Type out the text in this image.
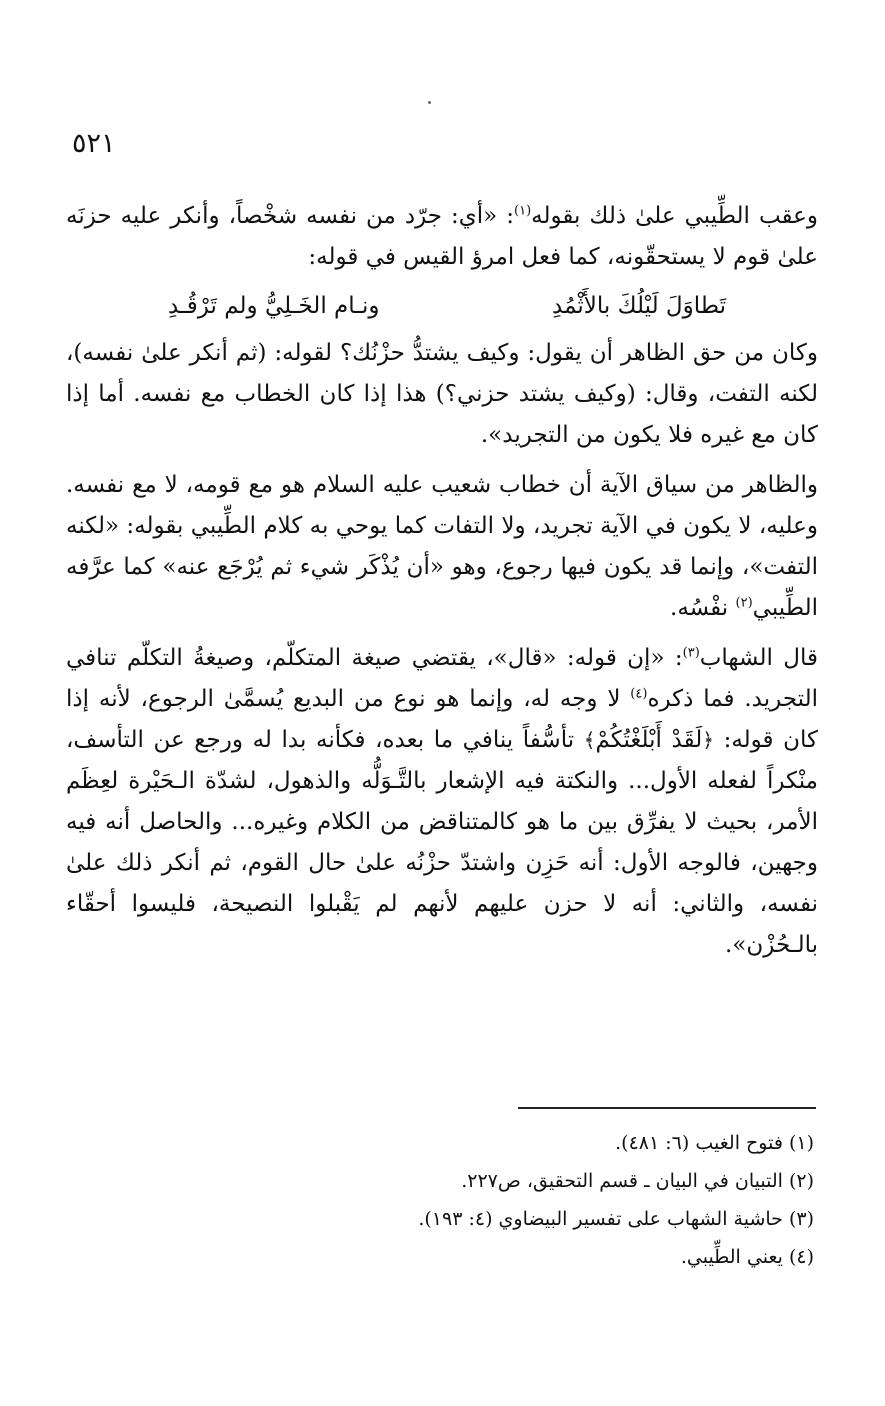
٥٢١

وعقب الطِّيبي علىٰ ذلك بقوله$^{(١)}$: «أي: جرّد من نفسه شخْصاً، وأنكر عليه حزنَه علىٰ قوم لا يستحقّونه، كما فعل امرؤ القيس في قوله:

تَطاوَلَ لَيْلُكَ بالأَثْمُدِ
ونـام الخَـلِيُّ ولم تَرْقُـدِ

وكان من حق الظاهر أن يقول: وكيف يشتدُّ حزْنُك؟ لقوله: (ثم أنكر علىٰ نفسه)، لكنه التفت، وقال: (وكيف يشتد حزني؟) هذا إذا كان الخطاب مع نفسه. أما إذا كان مع غيره فلا يكون من التجريد».

والظاهر من سياق الآية أن خطاب شعيب عليه السلام هو مع قومه، لا مع نفسه. وعليه، لا يكون في الآية تجريد، ولا التفات كما يوحي به كلام الطِّيبي بقوله: «لكنه التفت»، وإنما قد يكون فيها رجوع، وهو «أن يُذْكَر شيء ثم يُرْجَع عنه» كما عرَّفه الطِّيبي$^{(٢)}$ نفْسُه.

قال الشهاب$^{(٣)}$: «إن قوله: «قال»، يقتضي صيغة المتكلّم، وصيغةُ التكلّم تنافي التجريد. فما ذكره$^{(٤)}$ لا وجه له، وإنما هو نوع من البديع يُسمَّىٰ الرجوع، لأنه إذا كان قوله: ﴿لَقَدْ أَبْلَغْتُكُمْ﴾ تأسُّفاً ينافي ما بعده، فكأنه بدا له ورجع عن التأسف، منْكراً لفعله الأول... والنكتة فيه الإشعار بالتَّـوَلُّه والذهول، لشدّة الـحَيْرة لعِظَم الأمر، بحيث لا يفرِّق بين ما هو كالمتناقض من الكلام وغيره... والحاصل أنه فيه وجهين، فالوجه الأول: أنه حَزِن واشتدّ حزْنُه علىٰ حال القوم، ثم أنكر ذلك علىٰ نفسه، والثاني: أنه لا حزن عليهم لأنهم لم يَقْبلوا النصيحة، فليسوا أحقّاء بالـحُزْن».

(١) فتوح الغيب (٦: ٤٨١).

(٢) التبيان في البيان ـ قسم التحقيق، ص٢٢٧.

(٣) حاشية الشهاب على تفسير البيضاوي (٤: ١٩٣).

(٤) يعني الطِّيبي.
